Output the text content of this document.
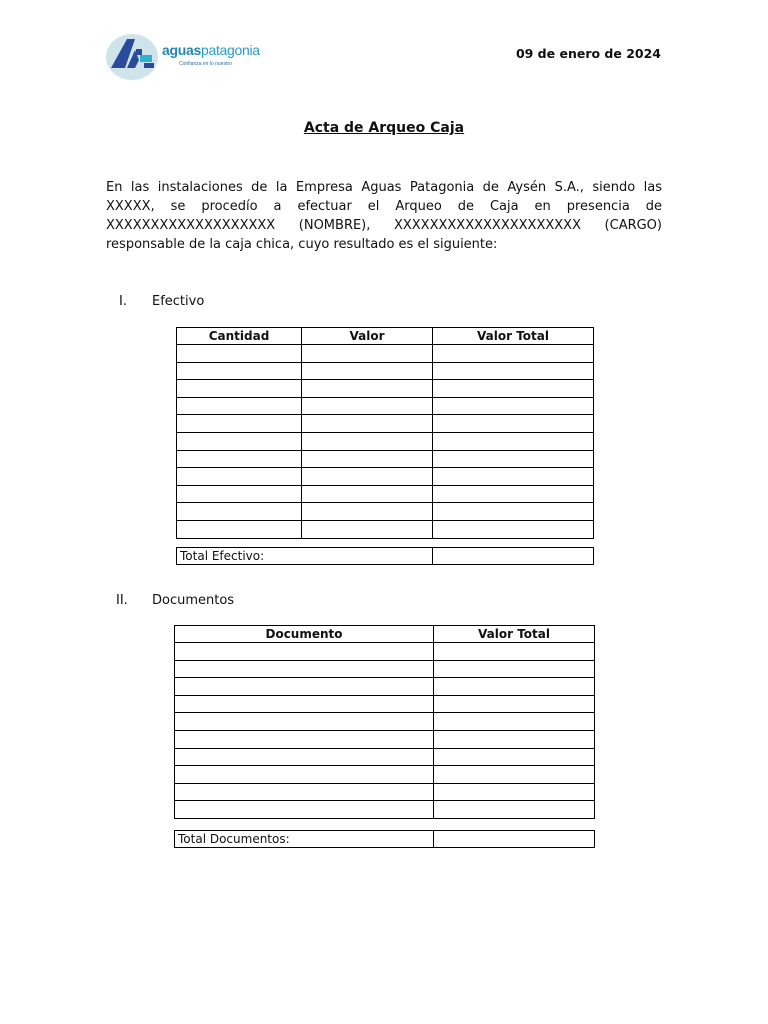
aguaspatagonia
Confianza en lo nuestro
09 de enero de 2024
Acta de Arqueo Caja
En las instalaciones de la Empresa Aguas Patagonia de Aysén S.A., siendo las XXXXX, se procedío a efectuar el Arqueo de Caja en presencia de XXXXXXXXXXXXXXXXXXX (NOMBRE), XXXXXXXXXXXXXXXXXXXXX (CARGO) responsable de la caja chica, cuyo resultado es el siguiente:
I. Efectivo
Cantidad	Valor	Valor Total

Total Efectivo:	
II. Documentos
Documento	Valor Total

Total Documentos:	
